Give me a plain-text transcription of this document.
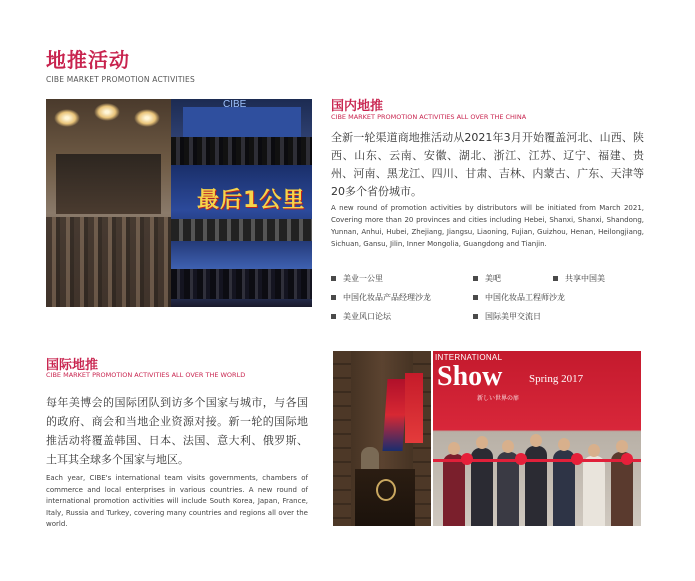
地推活动
CIBE MARKET PROMOTION ACTIVITIES
CIBE
最后1公里
国内地推
CIBE MARKET PROMOTION ACTIVITIES ALL OVER THE CHINA

全新一轮渠道商地推活动从2021年3月开始覆盖河北、山西、陕西、山东、云南、安徽、湖北、浙江、江苏、辽宁、福建、贵州、河南、黑龙江、四川、甘肃、吉林、内蒙古、广东、天津等20多个省份城市。

A new round of promotion activities by distributors will be initiated from March 2021, Covering more than 20 provinces and cities including Hebei, Shanxi, Shanxi, Shandong, Yunnan, Anhui, Hubei, Zhejiang, Jiangsu, Liaoning, Fujian, Guizhou, Henan, Heilongjiang, Sichuan, Gansu, Jilin, Inner Mongolia, Guangdong and Tianjin.

美业一公里	美吧	共享中国美
中国化妆品产品经理沙龙	中国化妆品工程师沙龙
美业风口论坛	国际美甲交流日
国际地推
CIBE MARKET PROMOTION ACTIVITIES ALL OVER THE WORLD

每年美博会的国际团队到访多个国家与城市，与各国的政府、商会和当地企业资源对接。新一轮的国际地推活动将覆盖韩国、日本、法国、意大利、俄罗斯、土耳其全球多个国家与地区。

Each year, CIBE's international team visits governments, chambers of commerce and local enterprises in various countries. A new round of international promotion activities will include South Korea, Japan, France, Italy, Russia and Turkey, covering many countries and regions all over the world.

INTERNATIONAL
Show Spring 2017
新しい世界の扉
